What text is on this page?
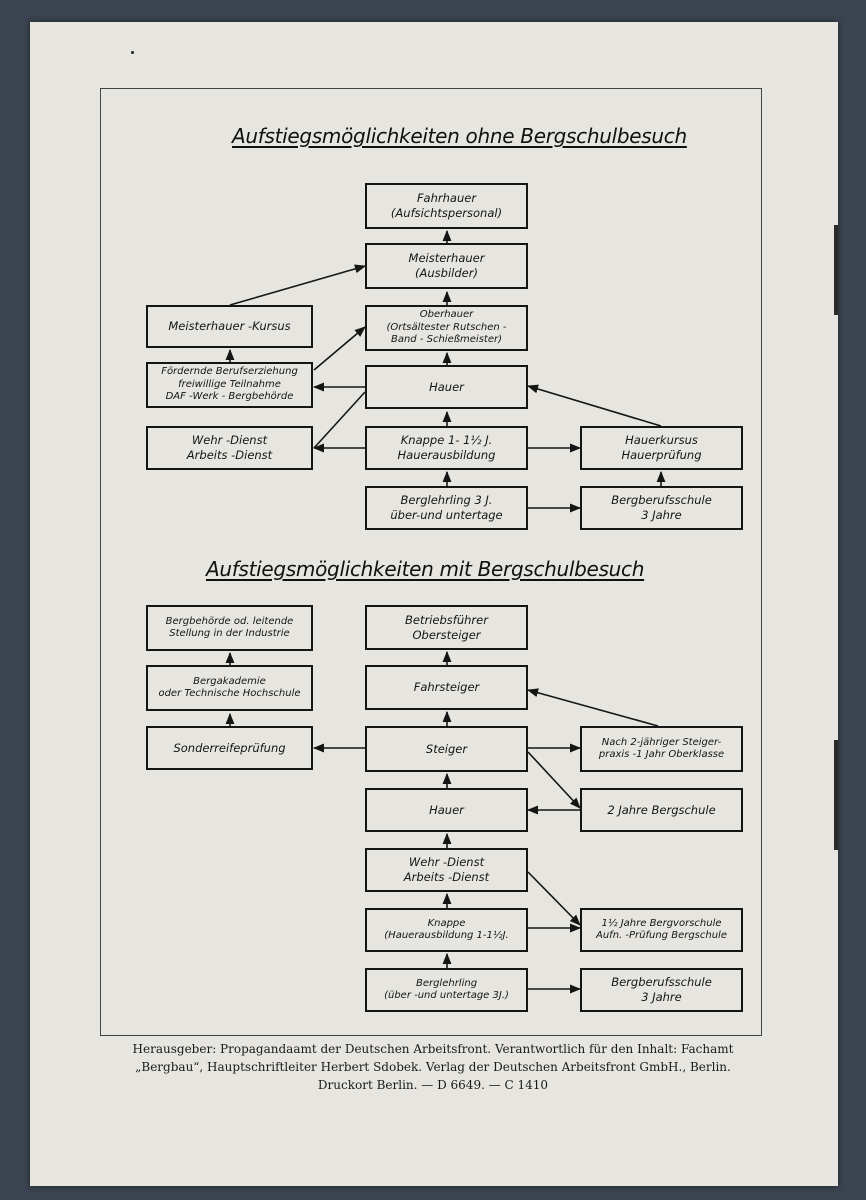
Aufstiegsmöglichkeiten ohne Bergschulbesuch
Aufstiegsmöglichkeiten mit Bergschulbesuch
Fahrhauer
(Aufsichtspersonal)
Meisterhauer
(Ausbilder)
Oberhauer
(Ortsältester Rutschen -
Band - Schießmeister)
Hauer
Knappe 1- 1½ J.
Hauerausbildung
Berglehrling 3 J.
über-und untertage
Meisterhauer -Kursus
Fördernde Berufserziehung
freiwillige Teilnahme
DAF -Werk - Bergbehörde
Wehr -Dienst
Arbeits -Dienst
Hauerkursus
Hauerprüfung
Bergberufsschule
3 Jahre
Betriebsführer
Obersteiger
Fahrsteiger
Steiger
Hauer
Wehr -Dienst
Arbeits -Dienst
Knappe
(Hauerausbildung 1-1½J.
Berglehrling
(über -und untertage 3J.)
Bergbehörde od. leitende
Stellung in der Industrie
Bergakademie
oder Technische Hochschule
Sonderreifeprüfung	Nach 2-jähriger Steiger-
praxis -1 Jahr Oberklasse
2 Jahre Bergschule
1½ Jahre Bergvorschule
Aufn. -Prüfung Bergschule
Bergberufsschule
3 Jahre
Herausgeber: Propagandaamt der Deutschen Arbeitsfront. Verantwortlich für den Inhalt: Fachamt
„Bergbau“, Hauptschriftleiter Herbert Sdobek. Verlag der Deutschen Arbeitsfront GmbH., Berlin.
Druckort Berlin. — D 6649. — C 1410
